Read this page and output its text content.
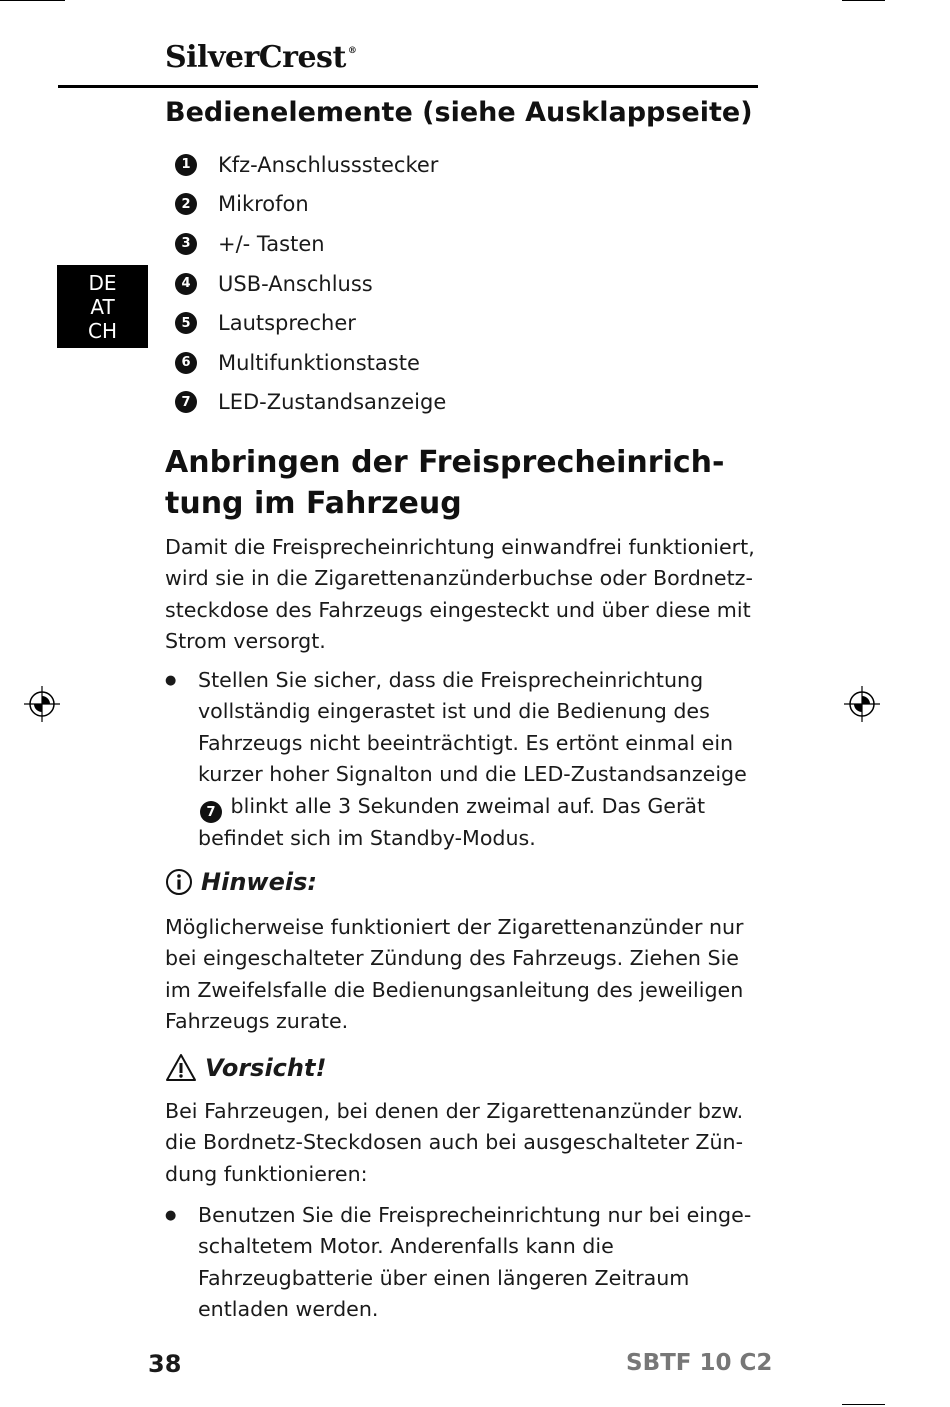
SilverCrest ®
Bedienelemente (siehe Ausklappseite)
DE
AT
CH
1	Kfz-Anschlussstecker
2	Mikrofon
3	+/- Tasten
4	USB-Anschluss
5	Lautsprecher
6	Multifunktionstaste
7	LED-Zustandsanzeige
Anbringen der Freisprecheinrich-tung im Fahrzeug
Damit die Freisprecheinrichtung einwandfrei funktioniert, wird sie in die Zigarettenanzünderbuchse oder Bordnetzsteckdose des Fahrzeugs eingesteckt und über diese mit Strom versorgt.
●	Stellen Sie sicher, dass die Freisprecheinrichtung vollständig eingerastet ist und die Bedienung des Fahrzeugs nicht beeinträchtigt. Es ertönt einmal ein kurzer hoher Signalton und die LED-Zustandsanzeige 7 blinkt alle 3 Sekunden zweimal auf. Das Gerät befindet sich im Standby-Modus.
Hinweis:
Möglicherweise funktioniert der Zigarettenanzünder nur bei eingeschalteter Zündung des Fahrzeugs. Ziehen Sie im Zweifelsfalle die Bedienungsanleitung des jeweiligen Fahrzeugs zurate.
Vorsicht!
Bei Fahrzeugen, bei denen der Zigarettenanzünder bzw. die Bordnetz-Steckdosen auch bei ausgeschalteter Zündung funktionieren:
●	Benutzen Sie die Freisprecheinrichtung nur bei eingeschaltetem Motor. Anderenfalls kann die Fahrzeugbatterie über einen längeren Zeitraum entladen werden.
38	SBTF 10 C2
